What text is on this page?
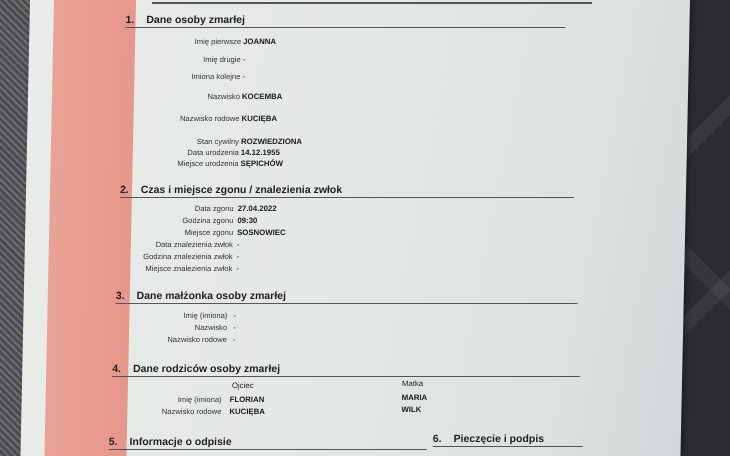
1. Dane osoby zmarłej
Imię pierwsze JOANNA
Imię drugie -
Imiona kolejne -
Nazwisko KOCEMBA
Nazwisko rodowe KUCIĘBA
Stan cywilny ROZWIEDZIONA
Data urodzenia 14.12.1955
Miejsce urodzenia SĘPICHÓW
2. Czas i miejsce zgonu / znalezienia zwłok
Data zgonu 27.04.2022
Godzina zgonu 09:30
Miejsce zgonu SOSNOWIEC
Data znalezienia zwłok -
Godzina znalezienia zwłok -
Miejsce znalezienia zwłok -
3. Dane małżonka osoby zmarłej
Imię (imiona) -
Nazwisko -
Nazwisko rodowe -
4. Dane rodziców osoby zmarłej
Ojciec	Matka
Imię (imiona) FLORIAN	MARIA
Nazwisko rodowe KUCIĘBA	WILK
5. Informacje o odpisie	6. Pieczęcie i podpis
